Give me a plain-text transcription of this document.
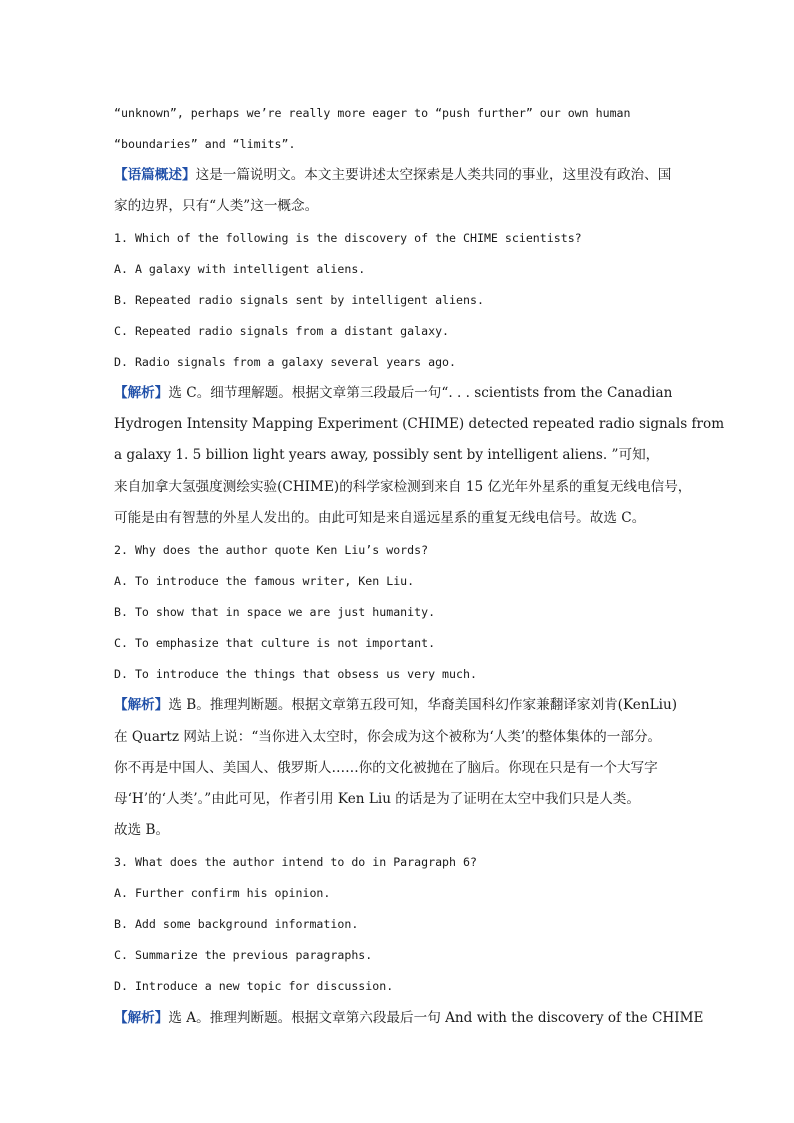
“unknown”, perhaps we’re really more eager to “push further” our own human
“boundaries” and “limits”.
【语篇概述】这是一篇说明文。本文主要讲述太空探索是人类共同的事业，这里没有政治、国
家的边界，只有“人类”这一概念。
1. Which of the following is the discovery of the CHIME scientists?
A. A galaxy with intelligent aliens.
B. Repeated radio signals sent by intelligent aliens.
C. Repeated radio signals from a distant galaxy.
D. Radio signals from a galaxy several years ago.
【解析】选 C。细节理解题。根据文章第三段最后一句“. . . scientists from the Canadian
Hydrogen Intensity Mapping Experiment (CHIME) detected repeated radio signals from
a galaxy 1. 5 billion light years away, possibly sent by intelligent aliens. ”可知，
来自加拿大氢强度测绘实验(CHIME)的科学家检测到来自 15 亿光年外星系的重复无线电信号，
可能是由有智慧的外星人发出的。由此可知是来自遥远星系的重复无线电信号。故选 C。
2. Why does the author quote Ken Liu’s words?
A. To introduce the famous writer, Ken Liu.
B. To show that in space we are just humanity.
C. To emphasize that culture is not important.
D. To introduce the things that obsess us very much.
【解析】选 B。推理判断题。根据文章第五段可知，华裔美国科幻作家兼翻译家刘肯(KenLiu)
在 Quartz 网站上说：“当你进入太空时，你会成为这个被称为‘人类’的整体集体的一部分。
你不再是中国人、美国人、俄罗斯人……你的文化被抛在了脑后。你现在只是有一个大写字
母‘H’的‘人类’。”由此可见，作者引用 Ken Liu 的话是为了证明在太空中我们只是人类。
故选 B。
3. What does the author intend to do in Paragraph 6?
A. Further confirm his opinion.
B. Add some background information.
C. Summarize the previous paragraphs.
D. Introduce a new topic for discussion.
【解析】选 A。推理判断题。根据文章第六段最后一句 And with the discovery of the CHIME
